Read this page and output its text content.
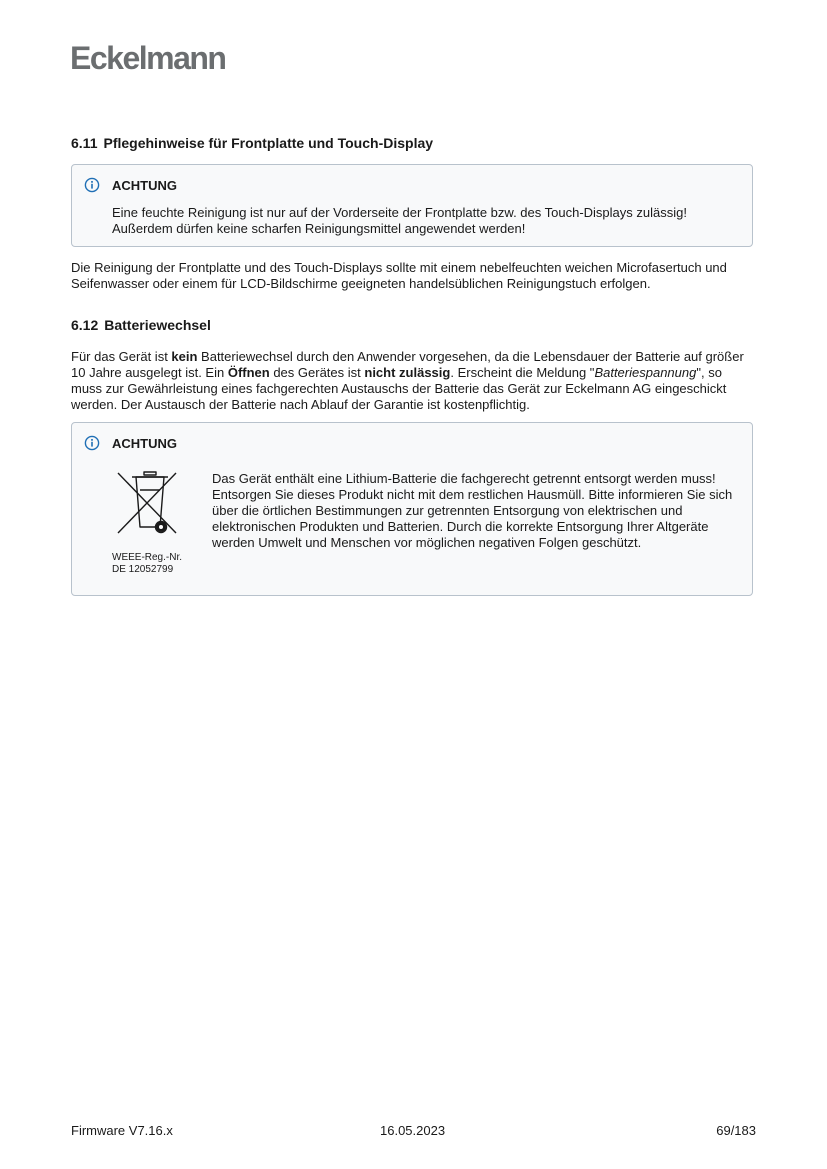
Eckelmann
6.11 Pflegehinweise für Frontplatte und Touch-Display
ACHTUNG
Eine feuchte Reinigung ist nur auf der Vorderseite der Frontplatte bzw. des Touch-Displays zulässig! Außerdem dürfen keine scharfen Reinigungsmittel angewendet werden!

Die Reinigung der Frontplatte und des Touch-Displays sollte mit einem nebelfeuchten weichen Microfasertuch und Seifenwasser oder einem für LCD-Bildschirme geeigneten handelsüblichen Reinigungstuch erfolgen.

6.12 Batteriewechsel

Für das Gerät ist kein Batteriewechsel durch den Anwender vorgesehen, da die Lebensdauer der Batterie auf größer 10 Jahre ausgelegt ist. Ein Öffnen des Gerätes ist nicht zulässig. Erscheint die Meldung "Batteriespannung", so muss zur Gewährleistung eines fachgerechten Austauschs der Batterie das Gerät zur Eckelmann AG eingeschickt werden. Der Austausch der Batterie nach Ablauf der Garantie ist kostenpflichtig.

ACHTUNG
WEEE-Reg.-Nr.
DE 12052799
Das Gerät enthält eine Lithium-Batterie die fachgerecht getrennt entsorgt werden muss!
Entsorgen Sie dieses Produkt nicht mit dem restlichen Hausmüll. Bitte informieren Sie sich über die örtlichen Bestimmungen zur getrennten Entsorgung von elektrischen und elektronischen Produkten und Batterien. Durch die korrekte Entsorgung Ihrer Altgeräte werden Umwelt und Menschen vor möglichen negativen Folgen geschützt.
Firmware V7.16.x	16.05.2023	69/183
